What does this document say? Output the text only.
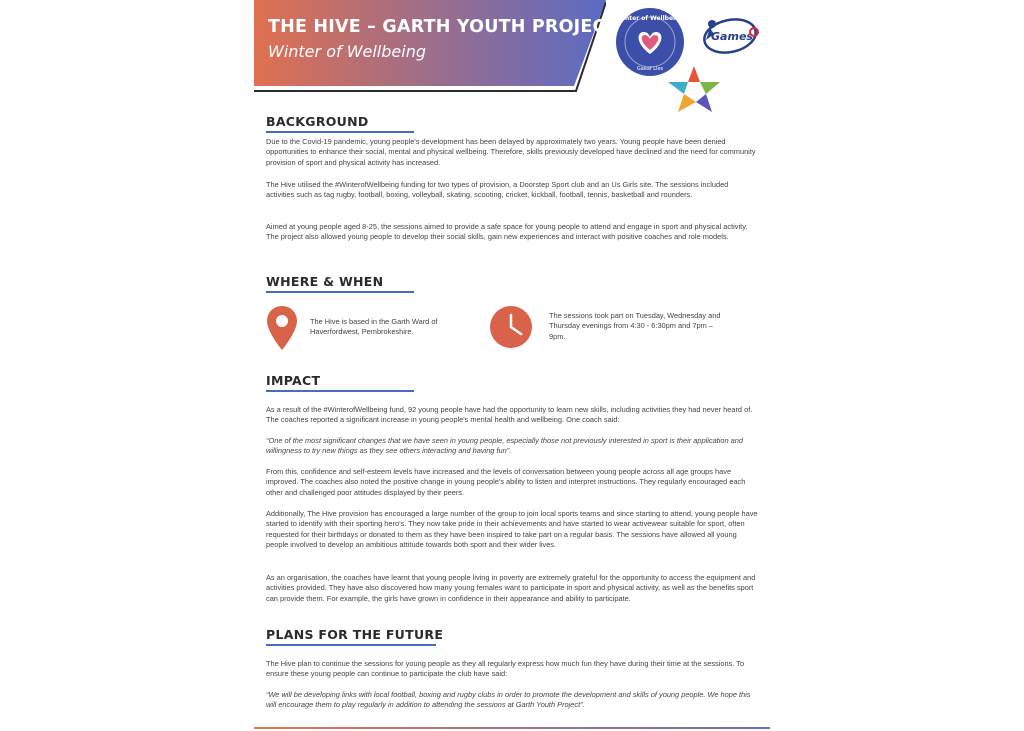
THE HIVE – GARTH YOUTH PROJECT
Winter of Wellbeing
Winter of Wellbeing
Gaeaf Lles
Games
BACKGROUND
Due to the Covid-19 pandemic, young people's development has been delayed by approximately two years. Young people have been denied opportunities to enhance their social, mental and physical wellbeing. Therefore, skills previously developed have declined and the need for community provision of sport and physical activity has increased.
The Hive utilised the #WinterofWellbeing funding for two types of provision, a Doorstep Sport club and an Us Girls site. The sessions included activities such as tag rugby, football, boxing, volleyball, skating, scooting, cricket, kickball, football, tennis, basketball and rounders.
Aimed at young people aged 8-25, the sessions aimed to provide a safe space for young people to attend and engage in sport and physical activity. The project also allowed young people to develop their social skills, gain new experiences and interact with positive coaches and role models.
WHERE & WHEN
The Hive is based in the Garth Ward of Haverfordwest, Pembrokeshire.
The sessions took part on Tuesday, Wednesday and Thursday evenings from 4:30 - 6:30pm and 7pm – 9pm.
IMPACT
As a result of the #WinterofWellbeing fund, 92 young people have had the opportunity to learn new skills, including activities they had never heard of. The coaches reported a significant increase in young people's mental health and wellbeing. One coach said:
“One of the most significant changes that we have seen in young people, especially those not previously interested in sport is their application and willingness to try new things as they see others interacting and having fun”.
From this, confidence and self-esteem levels have increased and the levels of conversation between young people across all age groups have improved. The coaches also noted the positive change in young people's ability to listen and interpret instructions. They regularly encouraged each other and challenged poor attitudes displayed by their peers.
Additionally, The Hive provision has encouraged a large number of the group to join local sports teams and since starting to attend, young people have started to identify with their sporting hero's. They now take pride in their achievements and have started to wear activewear suitable for sport, often requested for their birthdays or donated to them as they have been inspired to take part on a regular basis. The sessions have allowed all young people involved to develop an ambitious attitude towards both sport and their wider lives.
As an organisation, the coaches have learnt that young people living in poverty are extremely grateful for the opportunity to access the equipment and activities provided. They have also discovered how many young females want to participate in sport and physical activity, as well as the benefits sport can provide them. For example, the girls have grown in confidence in their appearance and ability to participate.
PLANS FOR THE FUTURE
The Hive plan to continue the sessions for young people as they all regularly express how much fun they have during their time at the sessions. To ensure these young people can continue to participate the club have said:
“We will be developing links with local football, boxing and rugby clubs in order to promote the development and skills of young people. We hope this will encourage them to play regularly in addition to attending the sessions at Garth Youth Project”.
